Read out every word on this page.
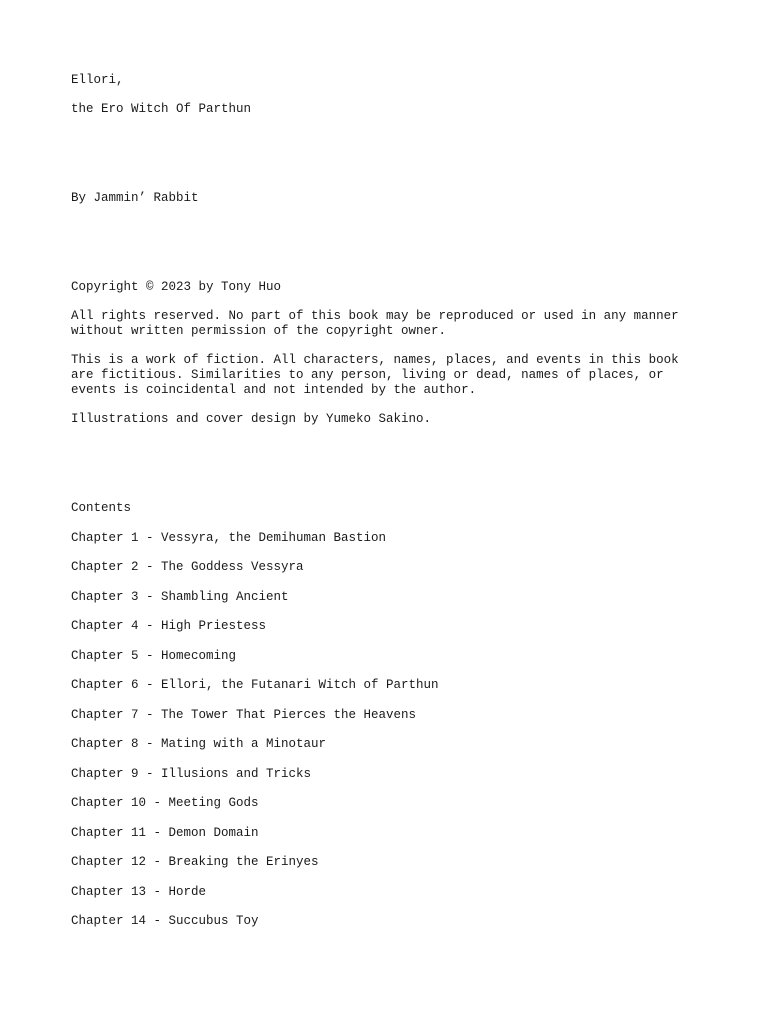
Ellori,

the Ero Witch Of Parthun

By Jammin’ Rabbit

Copyright © 2023 by Tony Huo

All rights reserved. No part of this book may be reproduced or used in any manner
without written permission of the copyright owner.

This is a work of fiction. All characters, names, places, and events in this book
are fictitious. Similarities to any person, living or dead, names of places, or
events is coincidental and not intended by the author.

Illustrations and cover design by Yumeko Sakino.

Contents

Chapter 1 - Vessyra, the Demihuman Bastion

Chapter 2 - The Goddess Vessyra

Chapter 3 - Shambling Ancient

Chapter 4 - High Priestess

Chapter 5 - Homecoming

Chapter 6 - Ellori, the Futanari Witch of Parthun

Chapter 7 - The Tower That Pierces the Heavens

Chapter 8 - Mating with a Minotaur

Chapter 9 - Illusions and Tricks

Chapter 10 - Meeting Gods

Chapter 11 - Demon Domain

Chapter 12 - Breaking the Erinyes

Chapter 13 - Horde

Chapter 14 - Succubus Toy
